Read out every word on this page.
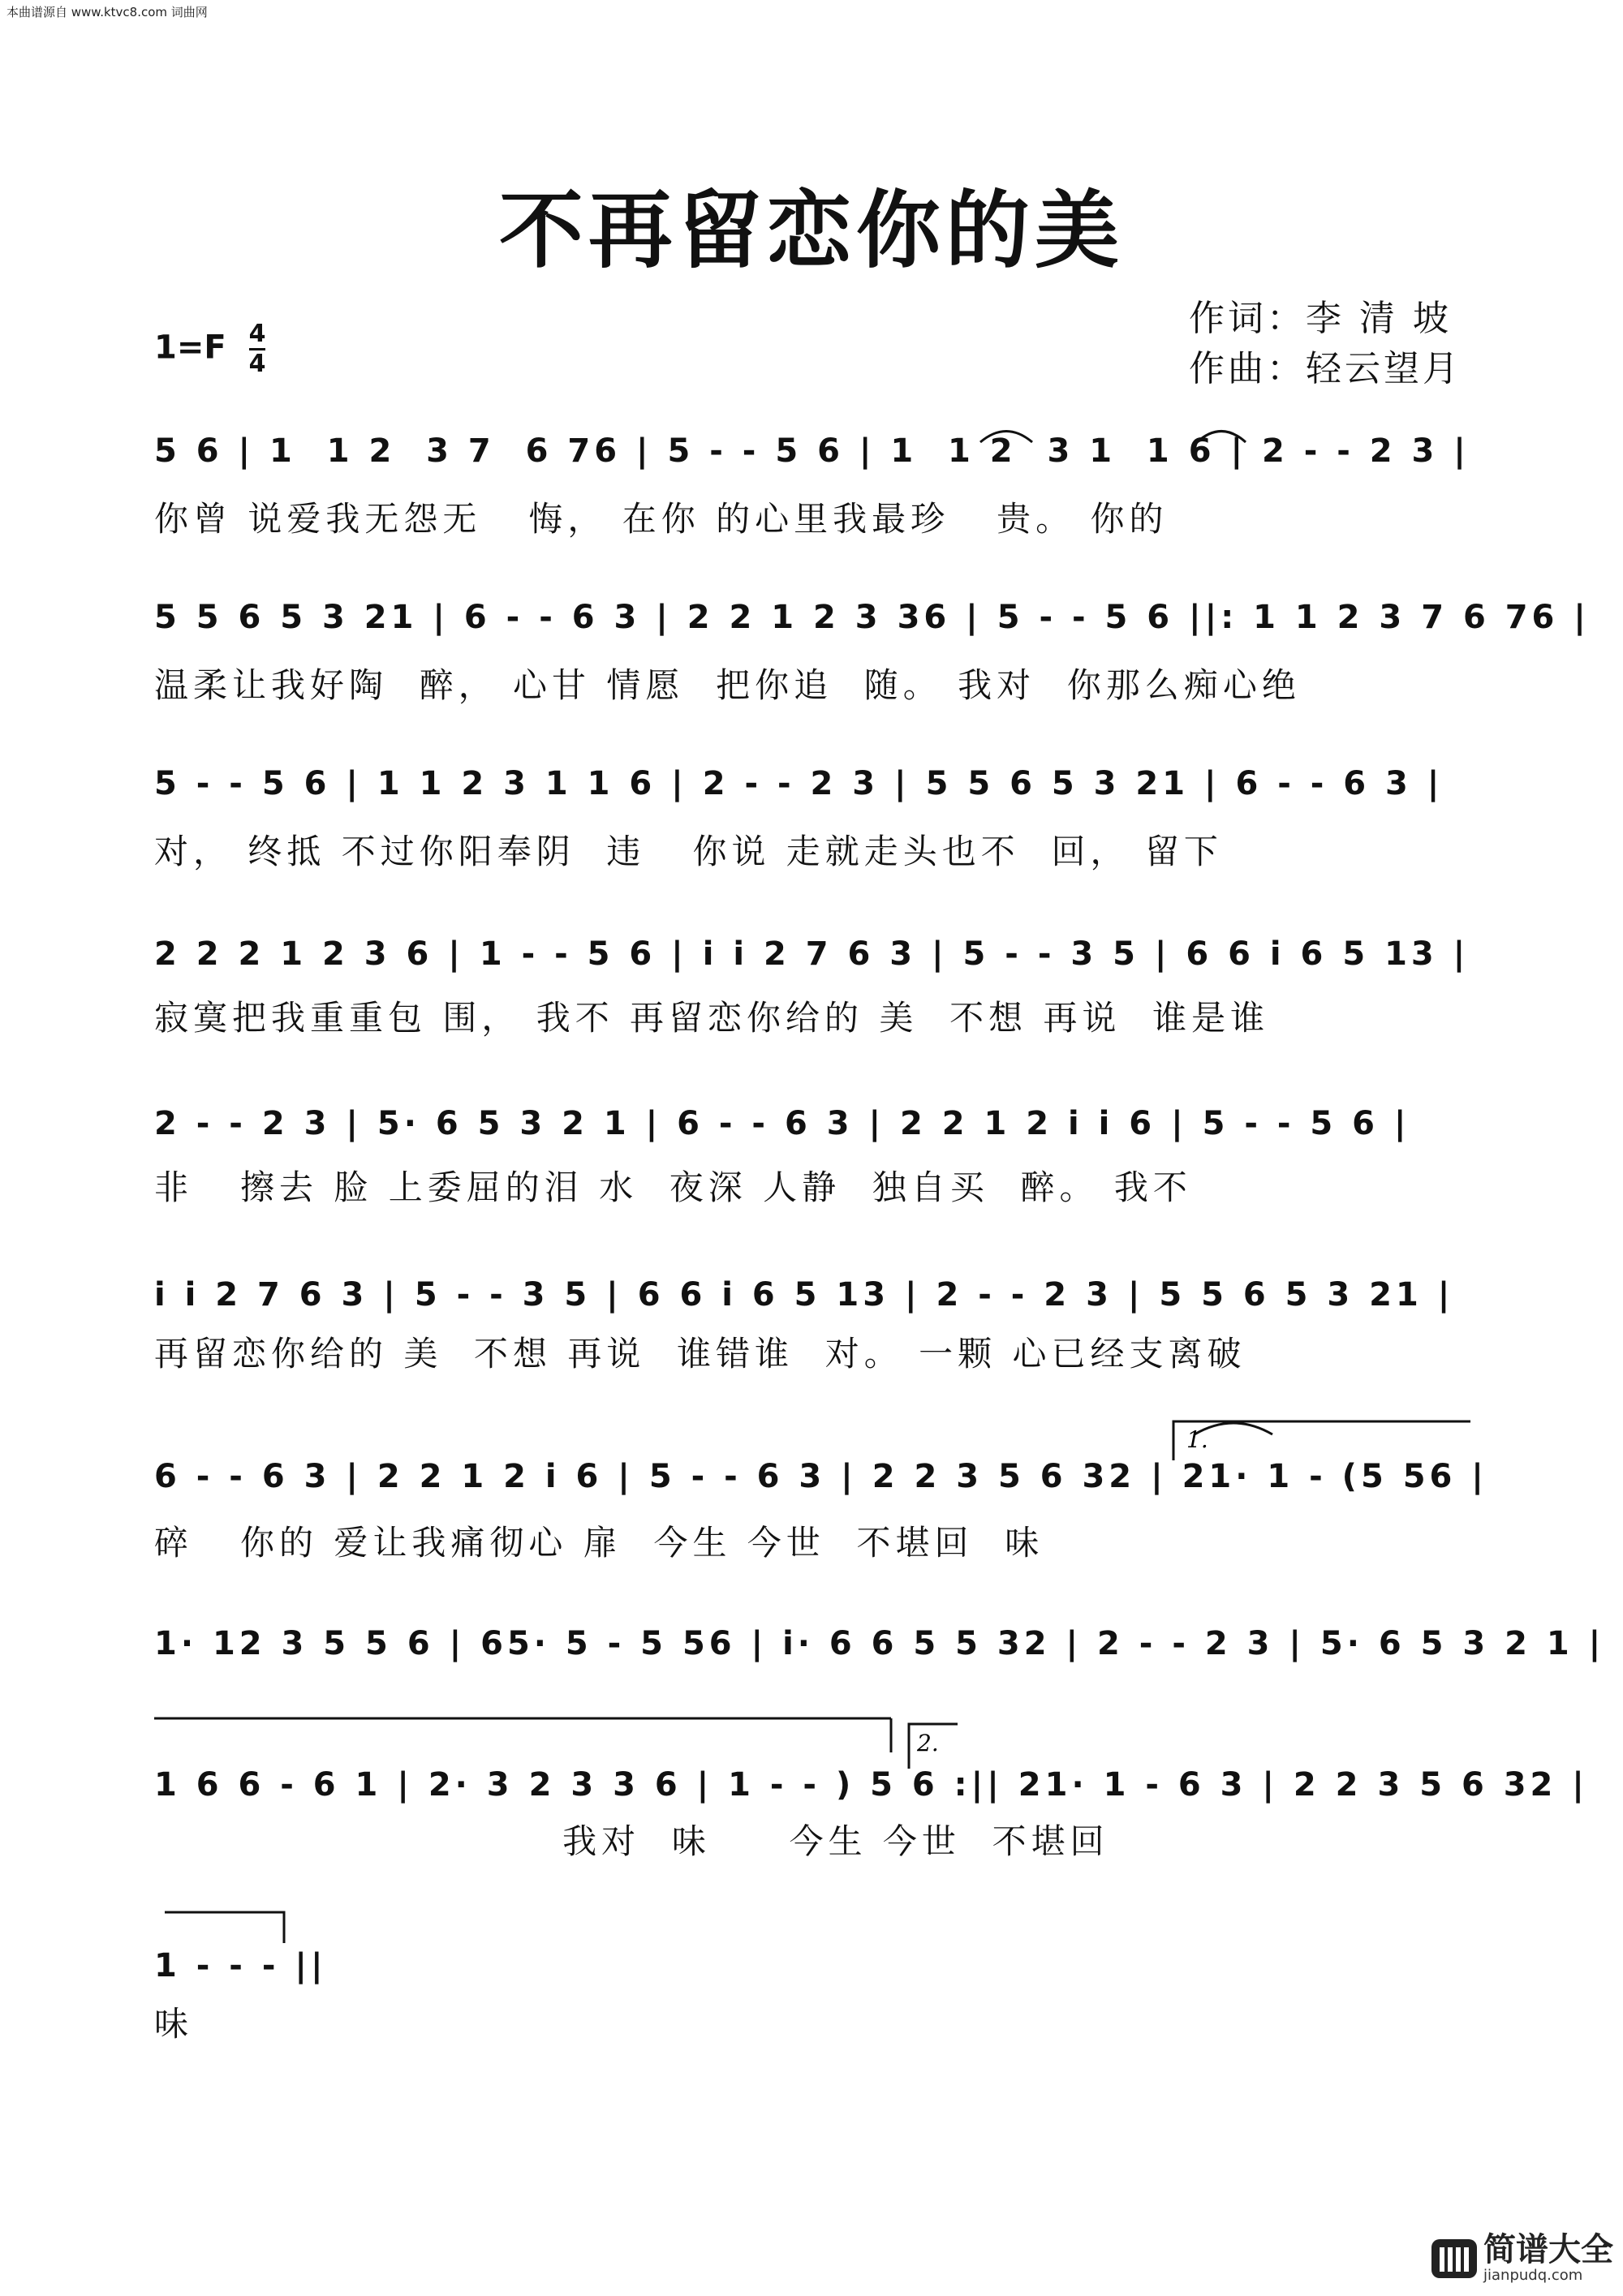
本曲谱源自 www.ktvc8.com 词曲网
不再留恋你的美
$1=F \frac{4}{4}$
作词：李 清 坡
作曲：轻云望月
5 6 | 1  1 2  3 7  6 76 | 5 - - 5 6 | 1  1 2  3 1  1 6 | 2 - - 2 3 |
你曾 说爱我无怨无   悔， 在你 的心里我最珍   贵。 你的
5 5 6 5 3 21 | 6 - - 6 3 | 2 2 1 2 3 36 | 5 - - 5 6 ||: 1 1 2 3 7 6 76 |
温柔让我好陶  醉， 心甘 情愿  把你追  随。 我对  你那么痴心绝
5 - - 5 6 | 1 1 2 3 1 1 6 | 2 - - 2 3 | 5 5 6 5 3 21 | 6 - - 6 3 |
对， 终抵 不过你阳奉阴  违   你说 走就走头也不  回， 留下
2 2 2 1 2 3 6 | 1 - - 5 6 | i i 2 7 6 3 | 5 - - 3 5 | 6 6 i 6 5 13 |
寂寞把我重重包 围， 我不 再留恋你给的 美  不想 再说  谁是谁
2 - - 2 3 | 5· 6 5 3 2 1 | 6 - - 6 3 | 2 2 1 2 i i 6 | 5 - - 5 6 |
非   擦去 脸 上委屈的泪 水  夜深 人静  独自买  醉。 我不
i i 2 7 6 3 | 5 - - 3 5 | 6 6 i 6 5 13 | 2 - - 2 3 | 5 5 6 5 3 21 |
再留恋你给的 美  不想 再说  谁错谁  对。 一颗 心已经支离破
6 - - 6 3 | 2 2 1 2 i 6 | 5 - - 6 3 | 2 2 3 5 6 32 | 21· 1 - (5 56 |
碎   你的 爱让我痛彻心 扉  今生 今世  不堪回  味
1· 12 3 5 5 6 | 65· 5 - 5 56 | i· 6 6 5 5 32 | 2 - - 2 3 | 5· 6 5 3 2 1 |
1 6 6 - 6 1 | 2· 3 2 3 3 6 | 1 - - ) 5 6 :|| 21· 1 - 6 3 | 2 2 3 5 6 32 |
我对  味     今生 今世  不堪回
1 - - - ||
味
1.
2.
简谱大全
jianpudq.com
